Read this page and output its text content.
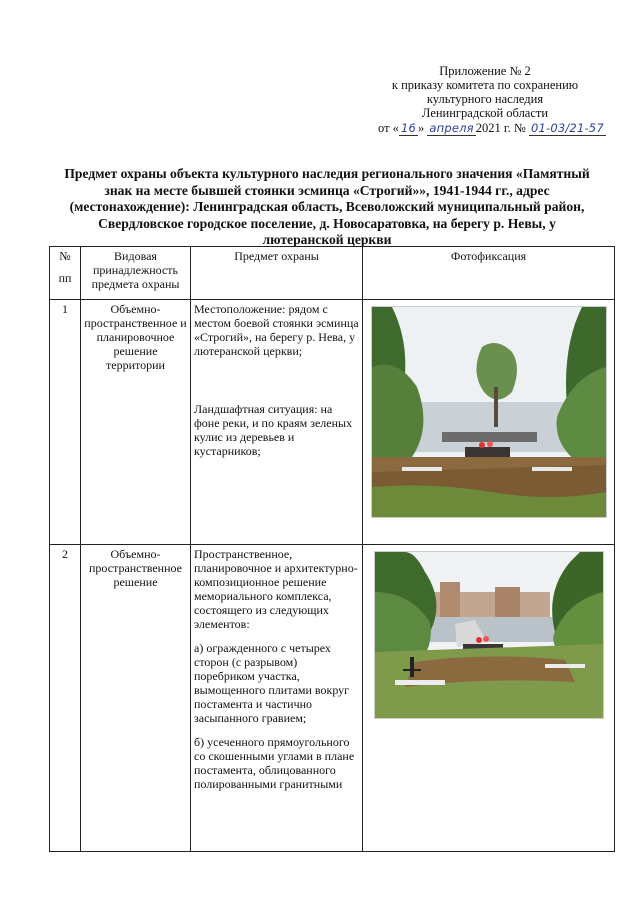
Приложение № 2
к приказу комитета по сохранению
культурного наследия
Ленинградской области
от « 16 » апреля 2021 г. № 01-03/21-57
Предмет охраны объекта культурного наследия регионального значения «Памятный знак на месте бывшей стоянки эсминца «Строгий»», 1941-1944 гг., адрес (местонахождение): Ленинградская область, Всеволожский муниципальный район, Свердловское городское поселение, д. Новосаратовка, на берегу р. Невы, у лютеранской церкви
№
пп	Видовая принадлежность предмета охраны	Предмет охраны	Фотофиксация
1	Объемно-пространственное и планировочное решение территории	Местоположение: рядом с местом боевой стоянки эсминца «Строгий», на берегу р. Нева, у лютеранской церкви;

Ландшафтная ситуация: на фоне реки, и по краям зеленых кулис из деревьев и кустарников;

2	Объемно-пространственное решение	Пространственное, планировочное и архитектурно-композиционное решение мемориального комплекса, состоящего из следующих элементов:

а) огражденного с четырех сторон (с разрывом) поребриком участка, вымощенного плитами вокруг постамента и частично засыпанного гравием;

б) усеченного прямоугольного со скошенными углами в плане постамента, облицованного полированными гранитными
